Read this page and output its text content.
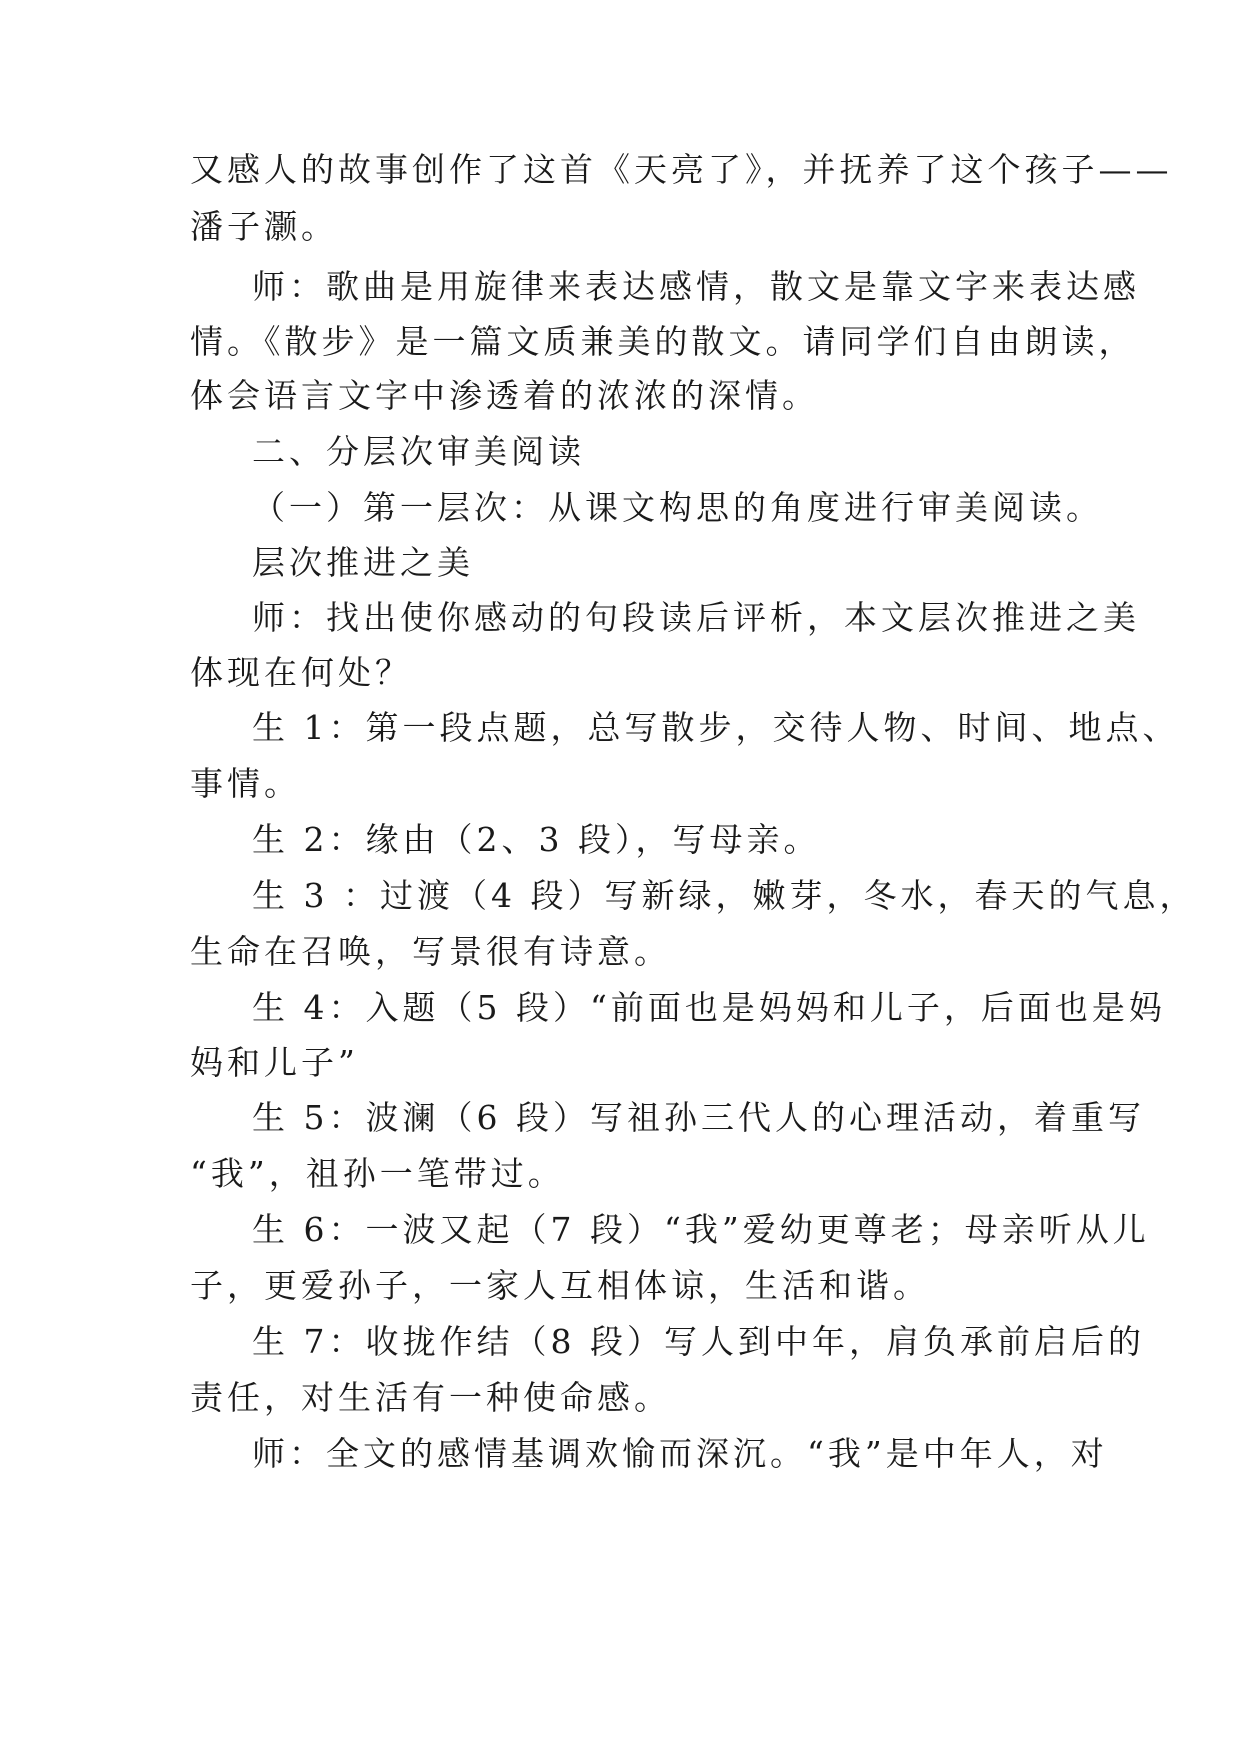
又感人的故事创作了这首《天亮了》，并抚养了这个孩子——
潘子灏。
师：歌曲是用旋律来表达感情，散文是靠文字来表达感
情。《散步》是一篇文质兼美的散文。请同学们自由朗读，
体会语言文字中渗透着的浓浓的深情。
二、分层次审美阅读
（一）第一层次：从课文构思的角度进行审美阅读。
层次推进之美
师：找出使你感动的句段读后评析，本文层次推进之美
体现在何处？
生 1：第一段点题，总写散步，交待人物、时间、地点、
事情。
生 2：缘由（2、3 段），写母亲。
生 3 ：过渡（4 段）写新绿，嫩芽，冬水，春天的气息，
生命在召唤，写景很有诗意。
生 4：入题（5 段）“前面也是妈妈和儿子，后面也是妈
妈和儿子”
生 5：波澜（6 段）写祖孙三代人的心理活动，着重写
“我”，祖孙一笔带过。
生 6：一波又起（7 段）“我”爱幼更尊老；母亲听从儿
子，更爱孙子，一家人互相体谅，生活和谐。
生 7：收拢作结（8 段）写人到中年，肩负承前启后的
责任，对生活有一种使命感。
师：全文的感情基调欢愉而深沉。“我”是中年人，对
